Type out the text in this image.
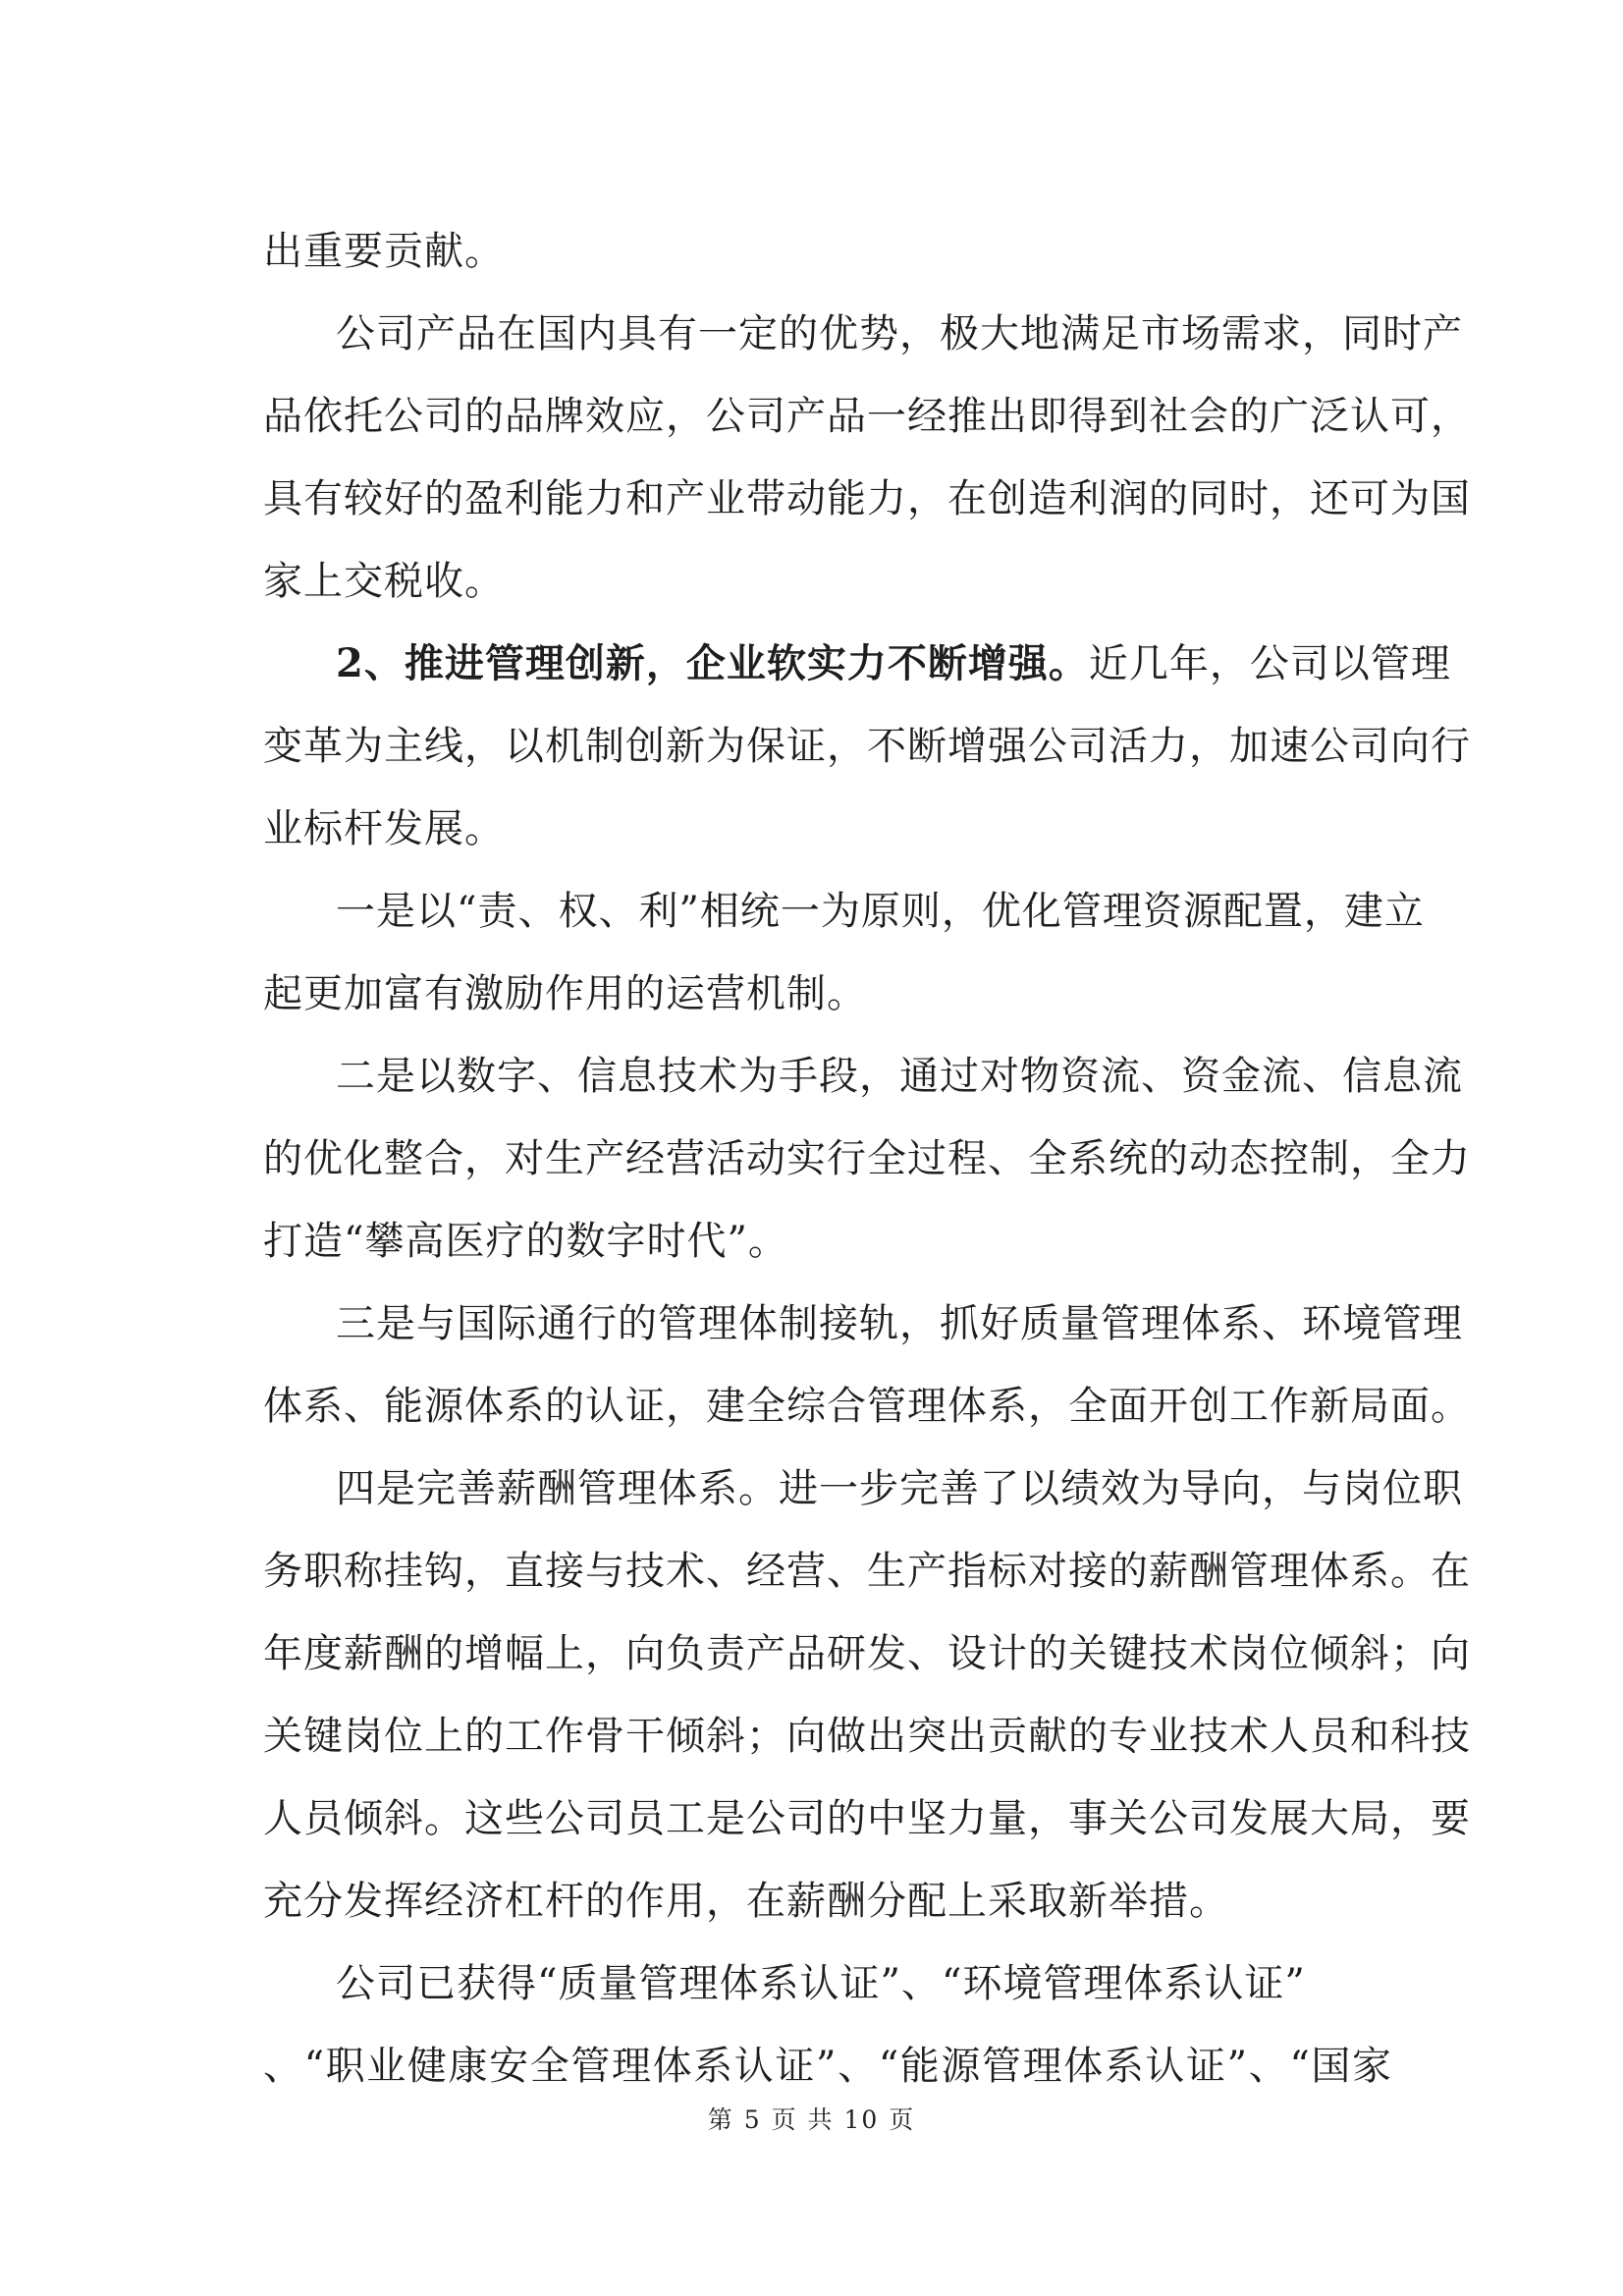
出重要贡献。
公司产品在国内具有一定的优势，极大地满足市场需求，同时产
品依托公司的品牌效应，公司产品一经推出即得到社会的广泛认可，
具有较好的盈利能力和产业带动能力，在创造利润的同时，还可为国
家上交税收。
2、推进管理创新，企业软实力不断增强。近几年，公司以管理
变革为主线，以机制创新为保证，不断增强公司活力，加速公司向行
业标杆发展。
一是以“责、权、利”相统一为原则，优化管理资源配置，建立
起更加富有激励作用的运营机制。
二是以数字、信息技术为手段，通过对物资流、资金流、信息流
的优化整合，对生产经营活动实行全过程、全系统的动态控制，全力
打造“攀高医疗的数字时代”。
三是与国际通行的管理体制接轨，抓好质量管理体系、环境管理
体系、能源体系的认证，建全综合管理体系，全面开创工作新局面。
四是完善薪酬管理体系。进一步完善了以绩效为导向，与岗位职
务职称挂钩，直接与技术、经营、生产指标对接的薪酬管理体系。在
年度薪酬的增幅上，向负责产品研发、设计的关键技术岗位倾斜；向
关键岗位上的工作骨干倾斜；向做出突出贡献的专业技术人员和科技
人员倾斜。这些公司员工是公司的中坚力量，事关公司发展大局，要
充分发挥经济杠杆的作用，在薪酬分配上采取新举措。
公司已获得“质量管理体系认证”、“环境管理体系认证”
、“职业健康安全管理体系认证”、“能源管理体系认证”、“国家
第 5 页 共 10 页
